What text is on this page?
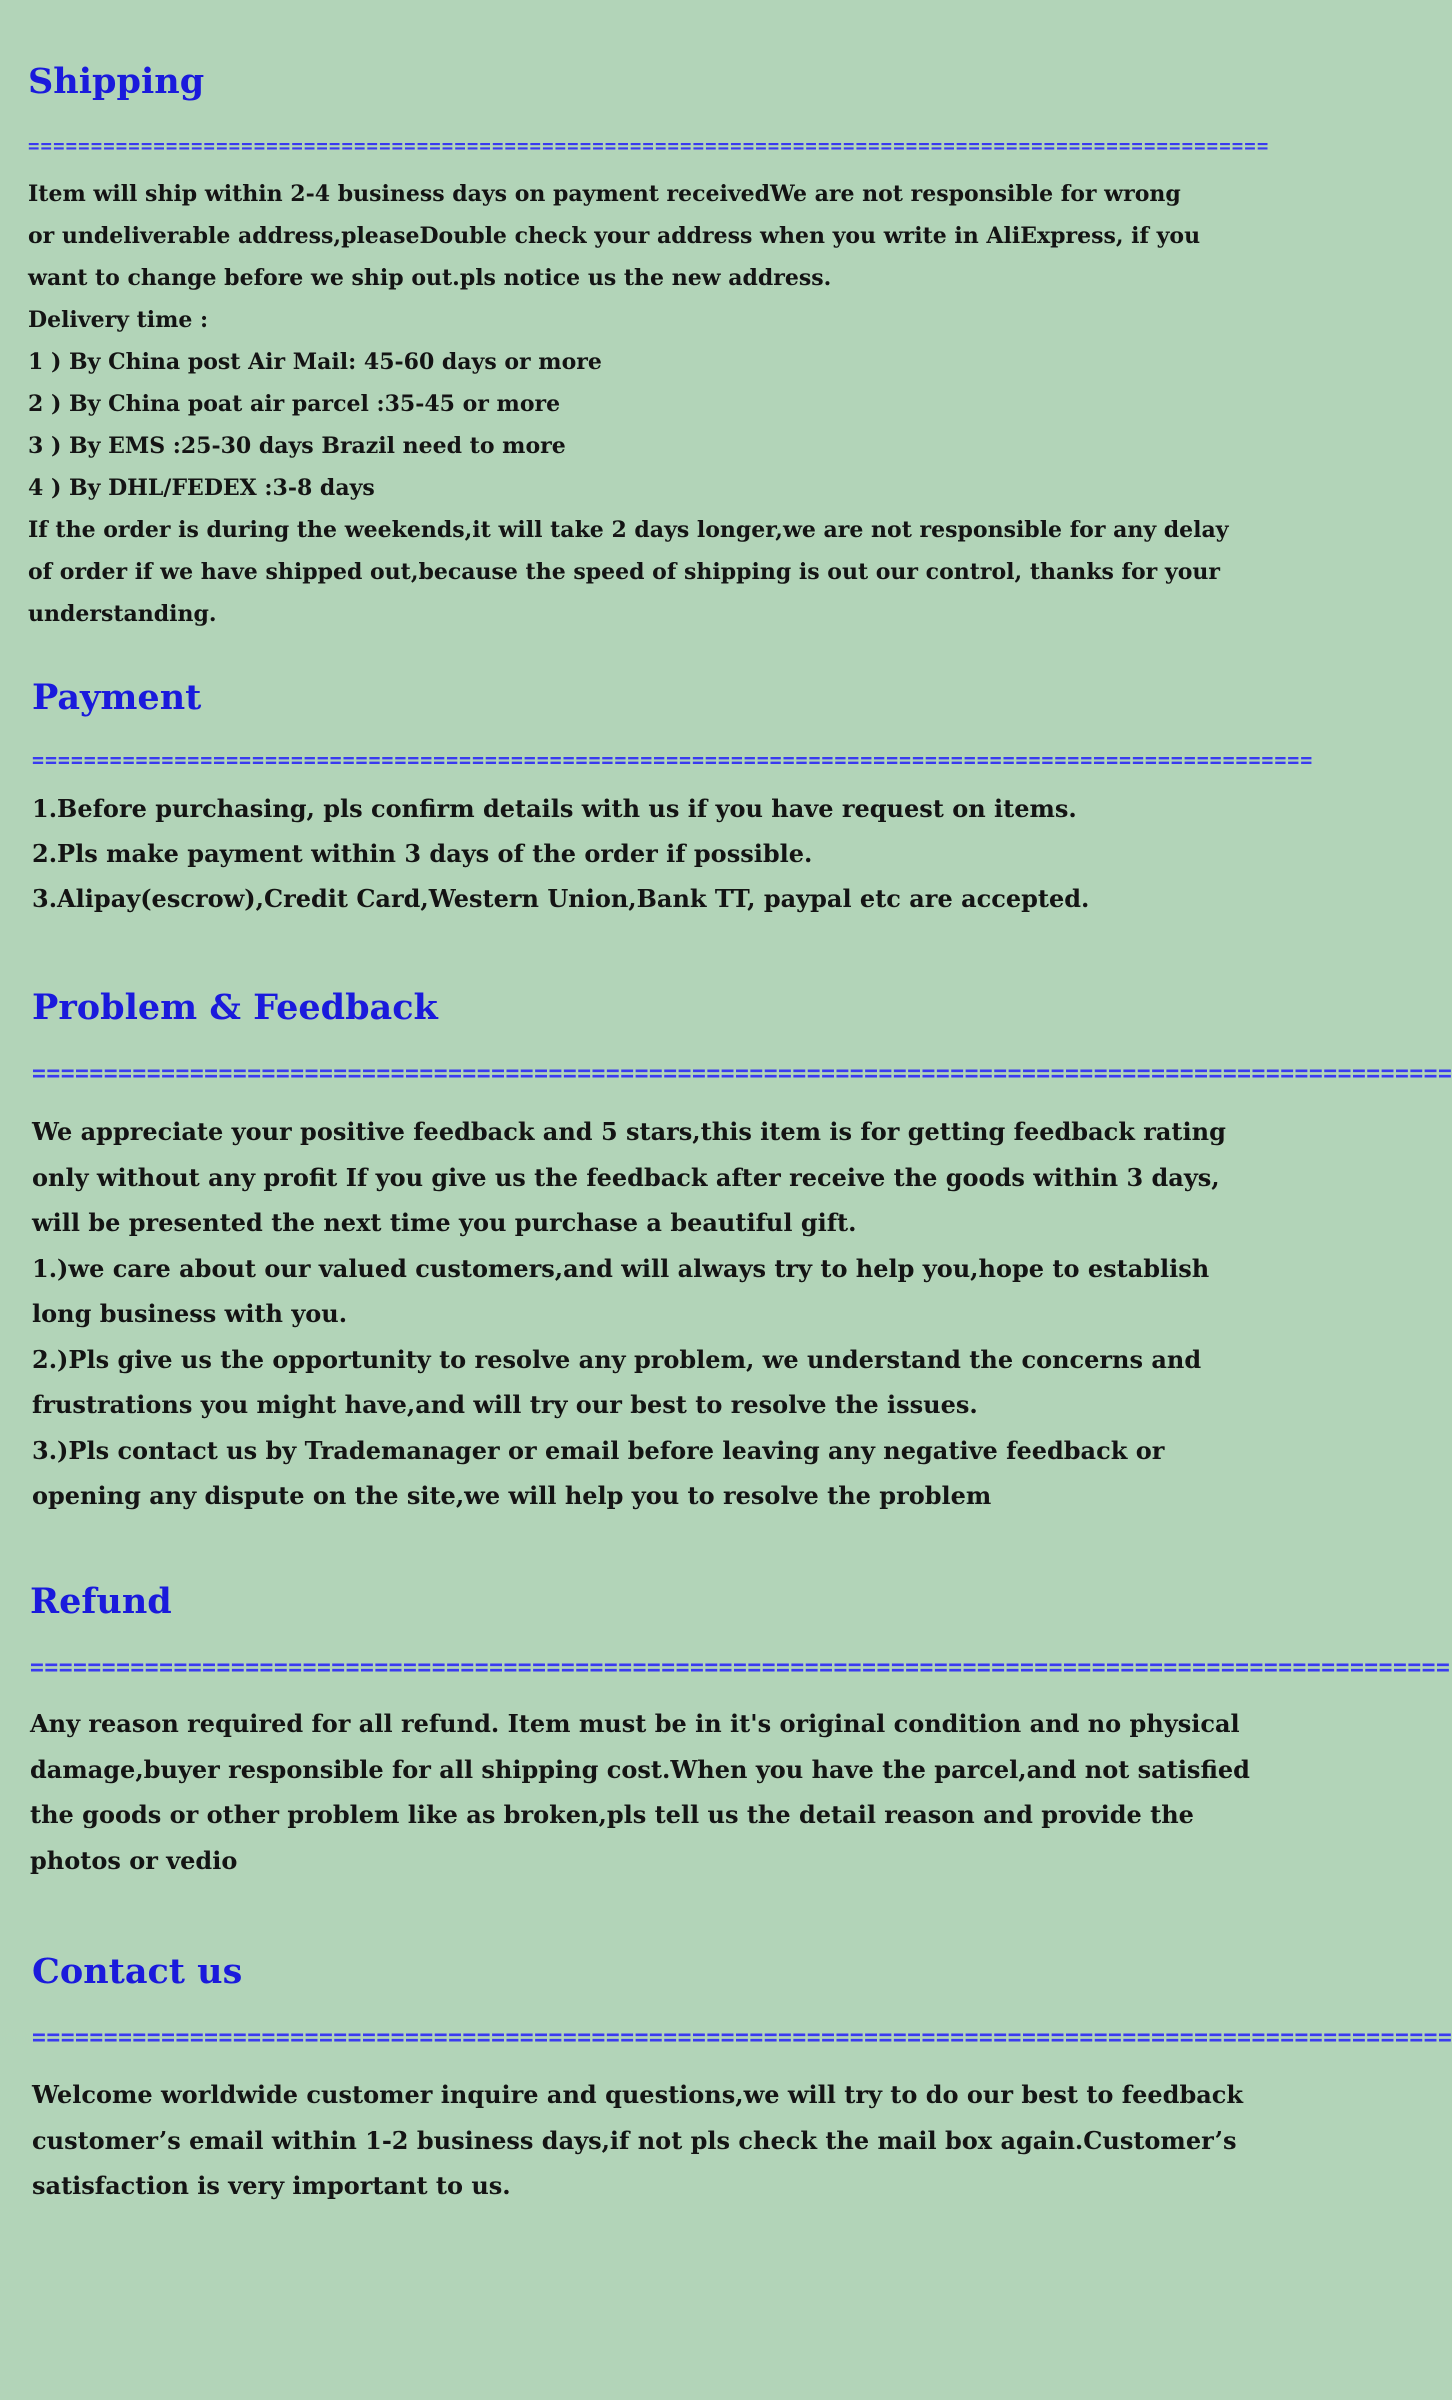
Shipping
===================================================================================================
Item will ship within 2-4 business days on payment receivedWe are not responsible for wrong
or undeliverable address,pleaseDouble check your address when you write in AliExpress, if you
want to change before we ship out.pls notice us the new address.
Delivery time :
1 ) By China post Air Mail: 45-60 days or more
2 ) By China poat air parcel :35-45 or more
3 ) By EMS :25-30 days Brazil need to more
4 ) By DHL/FEDEX :3-8 days
If the order is during the weekends,it will take 2 days longer,we are not responsible for any delay
of order if we have shipped out,because the speed of shipping is out our control, thanks for your
understanding.
Payment
===================================================================================================
1.Before purchasing, pls confirm details with us if you have request on items.
2.Pls make payment within 3 days of the order if possible.
3.Alipay(escrow),Credit Card,Western Union,Bank TT, paypal etc are accepted.
Problem & Feedback
===================================================================================================
We appreciate your positive feedback and 5 stars,this item is for getting feedback rating
only without any profit If you give us the feedback after receive the goods within 3 days,
will be presented the next time you purchase a beautiful gift.
1.)we care about our valued customers,and will always try to help you,hope to establish
long business with you.
2.)Pls give us the opportunity to resolve any problem, we understand the concerns and
frustrations you might have,and will try our best to resolve the issues.
3.)Pls contact us by Trademanager or email before leaving any negative feedback or
opening any dispute on the site,we will help you to resolve the problem
Refund
===================================================================================================
Any reason required for all refund. Item must be in it's original condition and no physical
damage,buyer responsible for all shipping cost.When you have the parcel,and not satisfied
the goods or other problem like as broken,pls tell us the detail reason and provide the
photos or vedio
Contact us
===================================================================================================
Welcome worldwide customer inquire and questions,we will try to do our best to feedback
customer’s email within 1-2 business days,if not pls check the mail box again.Customer’s
satisfaction is very important to us.
